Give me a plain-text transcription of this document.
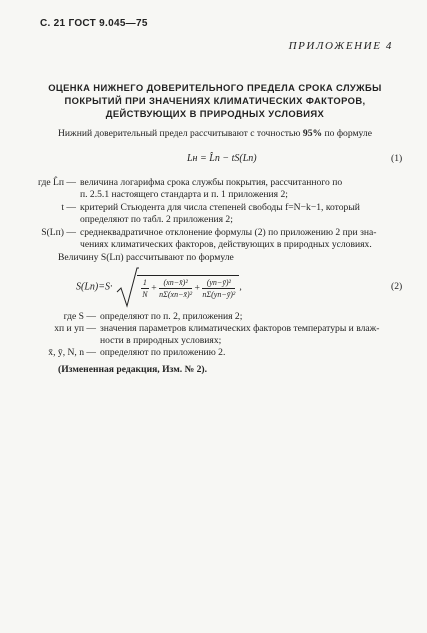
С. 21 ГОСТ 9.045—75
ПРИЛОЖЕНИЕ 4
ОЦЕНКА НИЖНЕГО ДОВЕРИТЕЛЬНОГО ПРЕДЕЛА СРОКА СЛУЖБЫ
ПОКРЫТИЙ ПРИ ЗНАЧЕНИЯХ КЛИМАТИЧЕСКИХ ФАКТОРОВ,
ДЕЙСТВУЮЩИХ В ПРИРОДНЫХ УСЛОВИЯХ
Нижний доверительный предел рассчитывают с точностью 95% по формуле
Lн = L̂п − tS(Lп)	(1)
где L̂п — величина логарифма срока службы покрытия, рассчитанного по
п. 2.5.1 настоящего стандарта и п. 1 приложения 2;
t — критерий Стьюдента для числа степеней свободы f=N−k−1, который
определяют по табл. 2 приложения 2;
S(Lп) — среднеквадратичное отклонение формулы (2) по приложению 2 при зна-
чениях климатических факторов, действующих в природных условиях.
Величину S(Lп) рассчитывают по формуле
S(Lп)=S·	$\frac{1}{N} + \frac{\text{(xп−x̄)²}}{\text{nΣ(xп−x̄)²}} + \frac{\text{(yп−ȳ)²}}{\text{nΣ(yп−ȳ)²}}$ ,	(2)
где S — определяют по п. 2, приложения 2;
xп и yп — значения параметров климатических факторов температуры и влаж-
ности в природных условиях;
x̄, ȳ, N, n — определяют по приложению 2.
(Измененная редакция, Изм. № 2).
